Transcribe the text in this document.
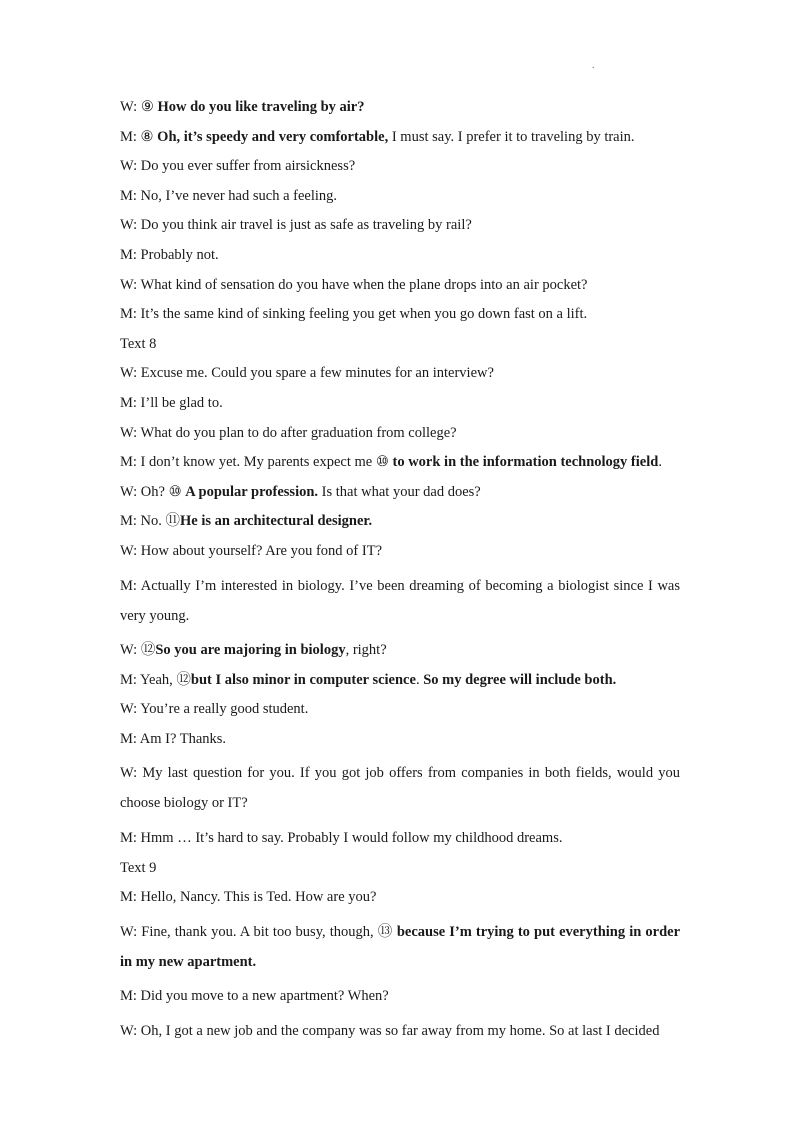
.
W: ⑨ How do you like traveling by air?
M: ⑧ Oh, it’s speedy and very comfortable, I must say. I prefer it to traveling by train.
W: Do you ever suffer from airsickness?
M: No, I’ve never had such a feeling.
W: Do you think air travel is just as safe as traveling by rail?
M: Probably not.
W: What kind of sensation do you have when the plane drops into an air pocket?
M: It’s the same kind of sinking feeling you get when you go down fast on a lift.
Text 8
W: Excuse me. Could you spare a few minutes for an interview?
M: I’ll be glad to.
W: What do you plan to do after graduation from college?
M: I don’t know yet. My parents expect me ⑩ to work in the information technology field.
W: Oh? ⑩ A popular profession. Is that what your dad does?
M: No. ⑪He is an architectural designer.
W: How about yourself? Are you fond of IT?
M: Actually I’m interested in biology. I’ve been dreaming of becoming a biologist since I was very young.
W: ⑫So you are majoring in biology, right?
M: Yeah, ⑫but I also minor in computer science. So my degree will include both.
W: You’re a really good student.
M: Am I? Thanks.
W: My last question for you. If you got job offers from companies in both fields, would you choose biology or IT?
M: Hmm … It’s hard to say. Probably I would follow my childhood dreams.
Text 9
M: Hello, Nancy. This is Ted. How are you?
W: Fine, thank you. A bit too busy, though, ⑬ because I’m trying to put everything in order in my new apartment.
M: Did you move to a new apartment? When?
W: Oh, I got a new job and the company was so far away from my home. So at last I decided
